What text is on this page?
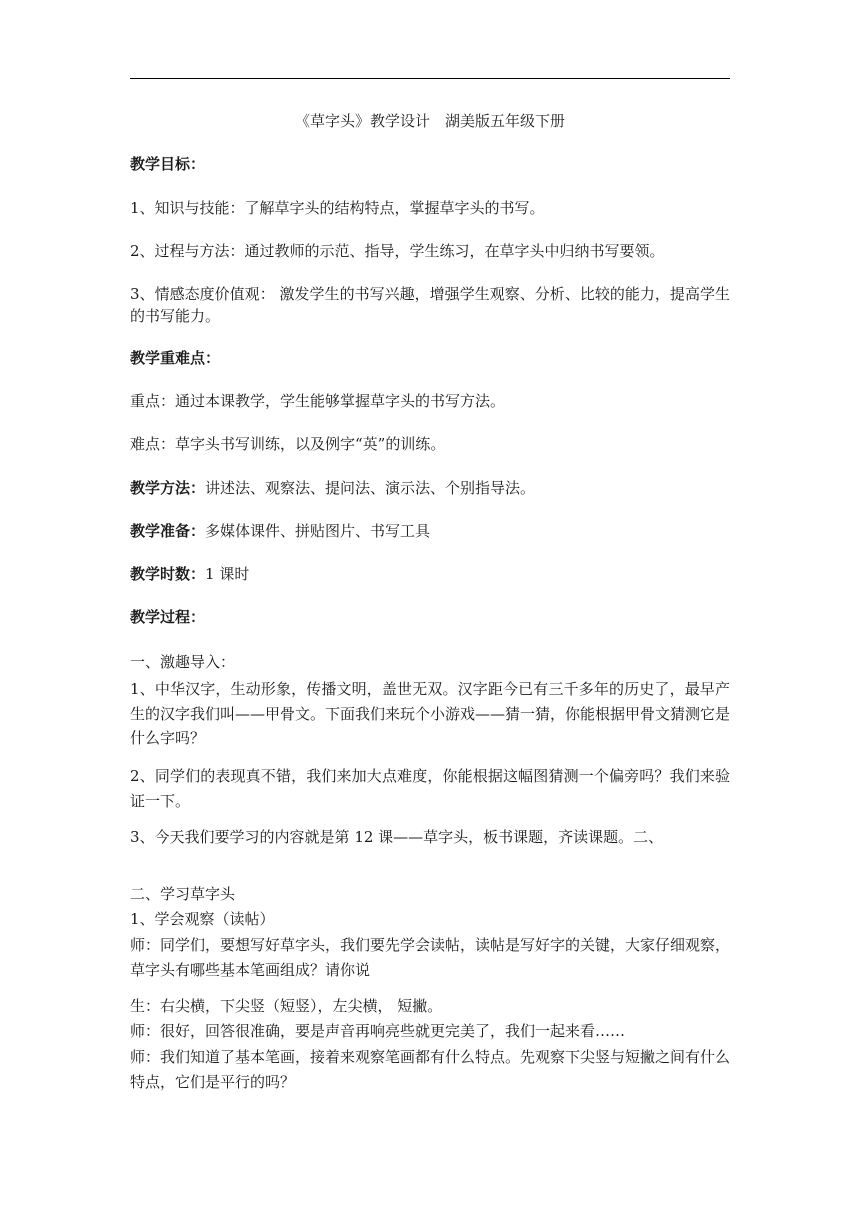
《草字头》教学设计　湖美版五年级下册
教学目标：
1、知识与技能：了解草字头的结构特点，掌握草字头的书写。
2、过程与方法：通过教师的示范、指导，学生练习，在草字头中归纳书写要领。
3、情感态度价值观： 激发学生的书写兴趣，增强学生观察、分析、比较的能力，提高学生的书写能力。
教学重难点：
重点：通过本课教学，学生能够掌握草字头的书写方法。
难点：草字头书写训练，以及例字“英”的训练。
教学方法：讲述法、观察法、提问法、演示法、个别指导法。
教学准备：多媒体课件、拼贴图片、书写工具
教学时数：1 课时
教学过程：
一、激趣导入：
1、中华汉字，生动形象，传播文明，盖世无双。汉字距今已有三千多年的历史了，最早产生的汉字我们叫——甲骨文。下面我们来玩个小游戏——猜一猜，你能根据甲骨文猜测它是什么字吗？
2、同学们的表现真不错，我们来加大点难度，你能根据这幅图猜测一个偏旁吗？我们来验证一下。
3、今天我们要学习的内容就是第 12 课——草字头，板书课题，齐读课题。二、
二、学习草字头
1、学会观察（读帖）
师：同学们，要想写好草字头，我们要先学会读帖，读帖是写好字的关键，大家仔细观察，草字头有哪些基本笔画组成？请你说
生：右尖横，下尖竖（短竖），左尖横， 短撇。
师：很好，回答很准确，要是声音再响亮些就更完美了，我们一起来看……
师：我们知道了基本笔画，接着来观察笔画都有什么特点。先观察下尖竖与短撇之间有什么特点，它们是平行的吗？
